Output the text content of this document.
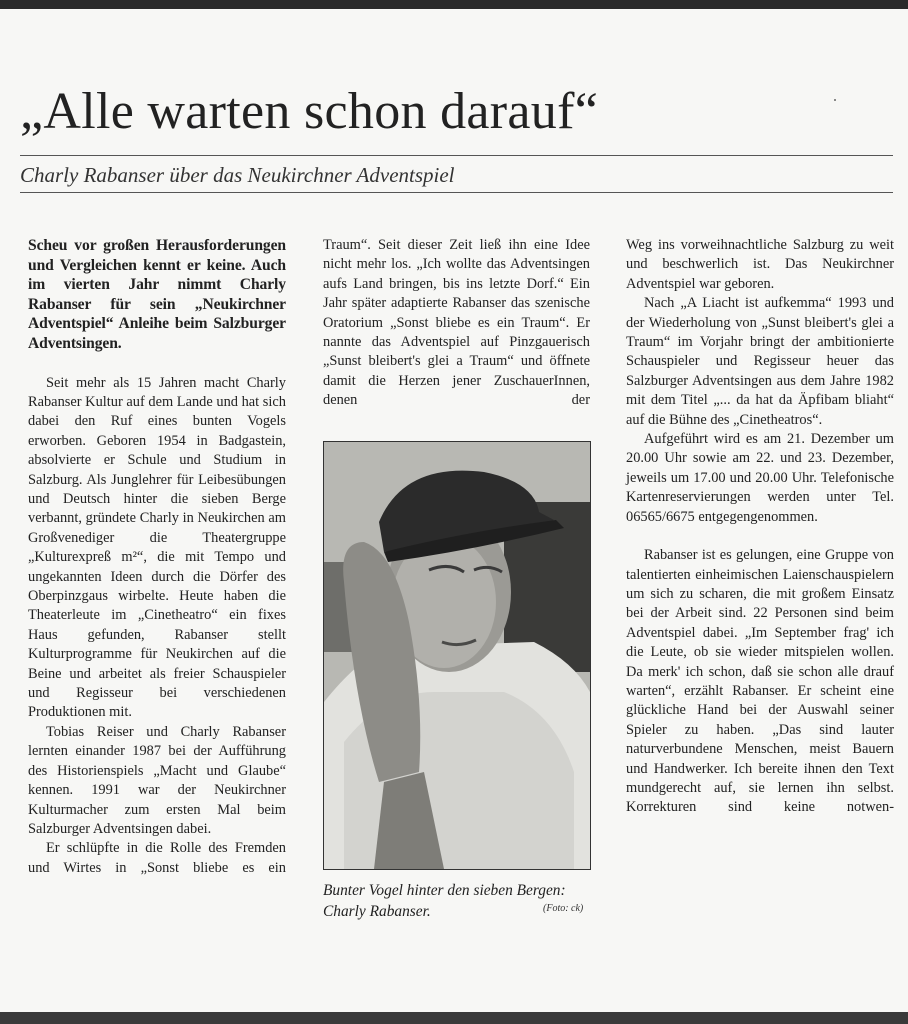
„Alle warten schon darauf“
Charly Rabanser über das Neukirchner Adventspiel

Scheu vor großen Herausforderungen und Vergleichen kennt er keine. Auch im vierten Jahr nimmt Charly Rabanser für sein „Neukirchner Adventspiel“ Anleihe beim Salzburger Adventsingen.

Seit mehr als 15 Jahren macht Charly Rabanser Kultur auf dem Lande und hat sich dabei den Ruf eines bunten Vogels erworben. Geboren 1954 in Badgastein, absolvierte er Schule und Studium in Salzburg. Als Junglehrer für Leibesübungen und Deutsch hinter die sieben Berge verbannt, gründete Charly in Neukirchen am Großvenediger die Theatergruppe „Kulturexpreß m²“, die mit Tempo und ungekannten Ideen durch die Dörfer des Oberpinzgaus wirbelte. Heute haben die Theaterleute im „Cinetheatro“ ein fixes Haus gefunden, Rabanser stellt Kulturprogramme für Neukirchen auf die Beine und arbeitet als freier Schauspieler und Regisseur bei verschiedenen Produktionen mit.

Tobias Reiser und Charly Rabanser lernten einander 1987 bei der Aufführung des Historienspiels „Macht und Glaube“ kennen. 1991 war der Neukirchner Kulturmacher zum ersten Mal beim Salzburger Adventsingen dabei.

Er schlüpfte in die Rolle des Fremden und Wirtes in „Sonst bliebe es ein

Traum“. Seit dieser Zeit ließ ihn eine Idee nicht mehr los. „Ich wollte das Adventsingen aufs Land bringen, bis ins letzte Dorf.“ Ein Jahr später adaptierte Rabanser das szenische Oratorium „Sonst bliebe es ein Traum“. Er nannte das Adventspiel auf Pinzgauerisch „Sunst bleibert's glei a Traum“ und öffnete damit die Herzen jener ZuschauerInnen, denen der

Bunter Vogel hinter den sieben Bergen: Charly Rabanser.	(Foto: ck)

Weg ins vorweihnachtliche Salzburg zu weit und beschwerlich ist. Das Neukirchner Adventspiel war geboren.

Nach „A Liacht ist aufkemma“ 1993 und der Wiederholung von „Sunst bleibert's glei a Traum“ im Vorjahr bringt der ambitionierte Schauspieler und Regisseur heuer das Salzburger Adventsingen aus dem Jahre 1982 mit dem Titel „... da hat da Äpfibam bliaht“ auf die Bühne des „Cinetheatros“.

Aufgeführt wird es am 21. Dezember um 20.00 Uhr sowie am 22. und 23. Dezember, jeweils um 17.00 und 20.00 Uhr. Telefonische Kartenreservierungen werden unter Tel. 06565/6675 entgegengenommen.

Rabanser ist es gelungen, eine Gruppe von talentierten einheimischen Laienschauspielern um sich zu scharen, die mit großem Einsatz bei der Arbeit sind. 22 Personen sind beim Adventspiel dabei. „Im September frag' ich die Leute, ob sie wieder mitspielen wollen. Da merk' ich schon, daß sie schon alle drauf warten“, erzählt Rabanser. Er scheint eine glückliche Hand bei der Auswahl seiner Spieler zu haben. „Das sind lauter naturverbundene Menschen, meist Bauern und Handwerker. Ich bereite ihnen den Text mundgerecht auf, sie lernen ihn selbst. Korrekturen sind keine notwen-
